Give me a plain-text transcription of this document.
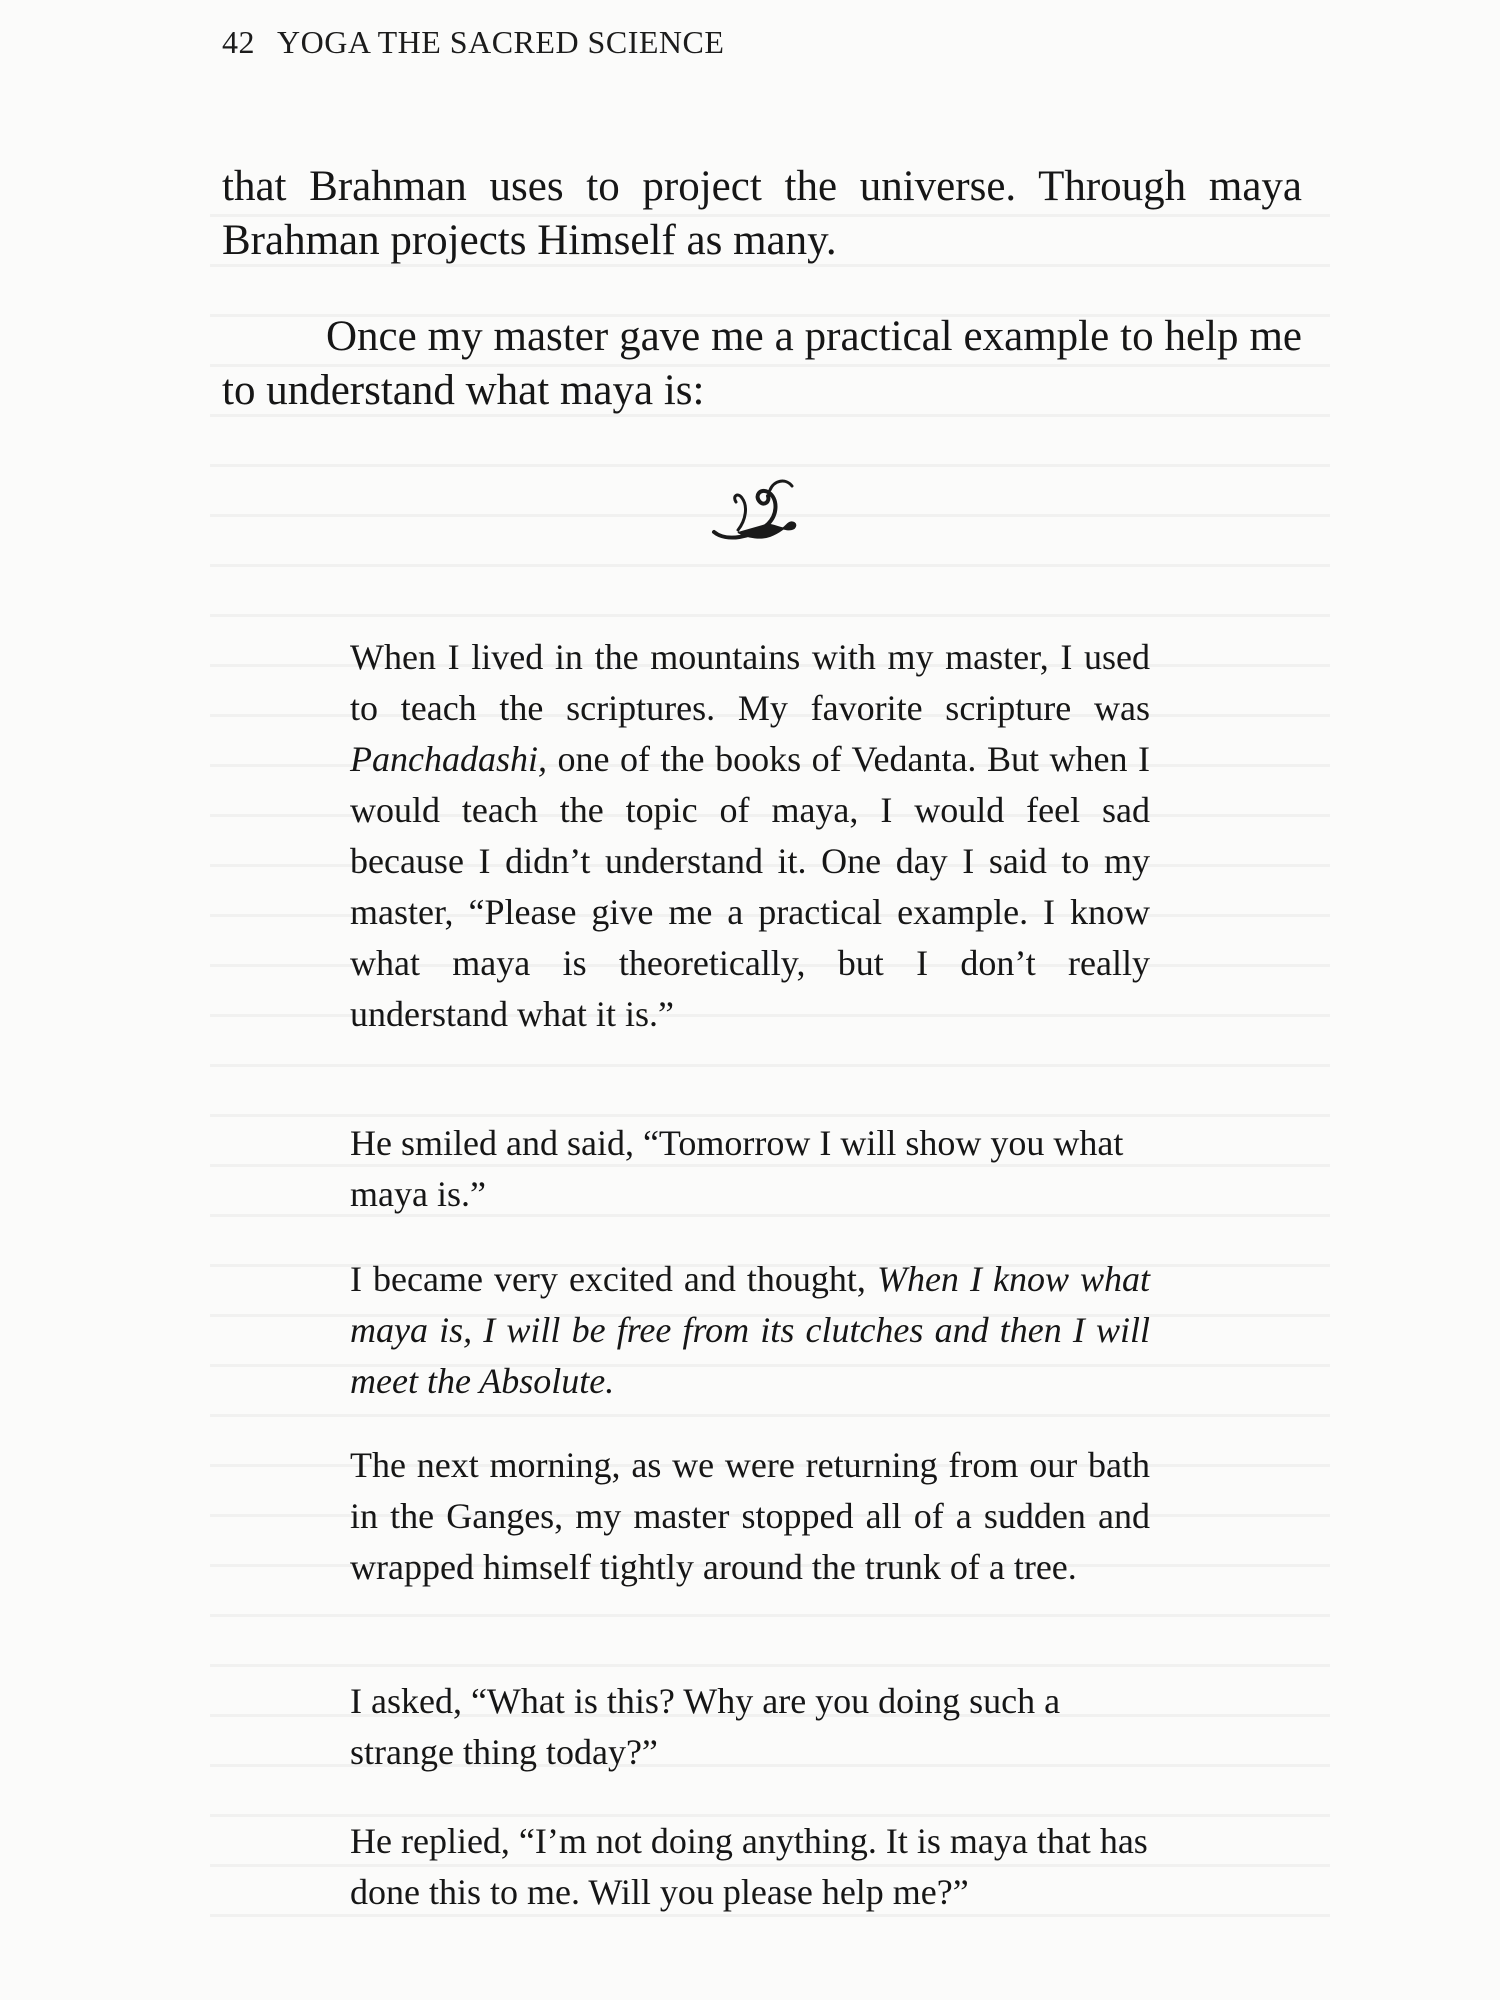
42 YOGA THE SACRED SCIENCE

that Brahman uses to project the universe. Through maya Brahman projects Himself as many.

Once my master gave me a practical example to help me to understand what maya is:

When I lived in the mountains with my master, I used to teach the scriptures. My favorite scripture was Panchadashi, one of the books of Vedanta. But when I would teach the topic of maya, I would feel sad because I didn’t understand it. One day I said to my master, “Please give me a practical example. I know what maya is theoretically, but I don’t really understand what it is.”

He smiled and said, “Tomorrow I will show you what maya is.”

I became very excited and thought, When I know what maya is, I will be free from its clutches and then I will meet the Absolute.

The next morning, as we were returning from our bath in the Ganges, my master stopped all of a sudden and wrapped himself tightly around the trunk of a tree.

I asked, “What is this? Why are you doing such a strange thing today?”

He replied, “I’m not doing anything. It is maya that has done this to me. Will you please help me?”
